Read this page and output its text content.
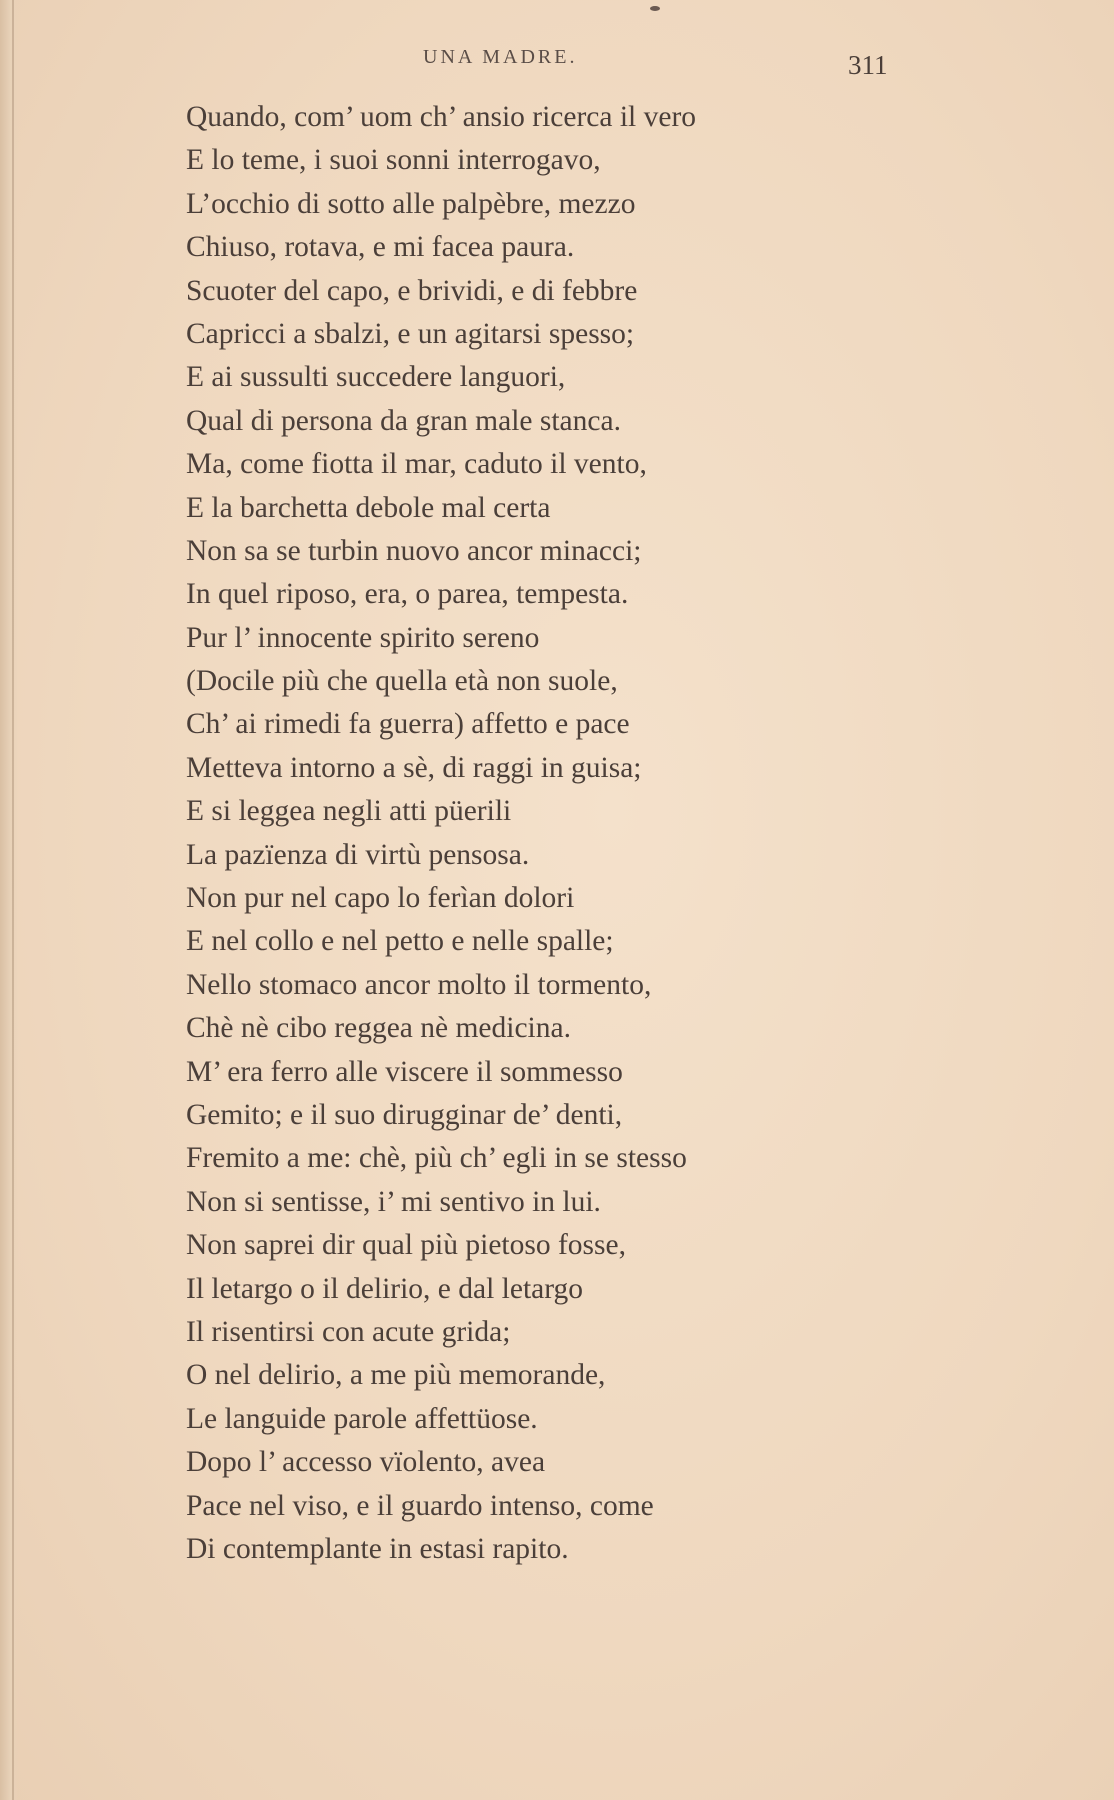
UNA MADRE.	311
Quando, com’ uom ch’ ansio ricerca il vero
E lo teme, i suoi sonni interrogavo,
L’occhio di sotto alle palpèbre, mezzo
Chiuso, rotava, e mi facea paura.
Scuoter del capo, e brividi, e di febbre
Capricci a sbalzi, e un agitarsi spesso;
E ai sussulti succedere languori,
Qual di persona da gran male stanca.
Ma, come fiotta il mar, caduto il vento,
E la barchetta debole mal certa
Non sa se turbin nuovo ancor minacci;
In quel riposo, era, o parea, tempesta.
Pur l’ innocente spirito sereno
(Docile più che quella età non suole,
Ch’ ai rimedi fa guerra) affetto e pace
Metteva intorno a sè, di raggi in guisa;
E si leggea negli atti püerili
La pazïenza di virtù pensosa.
Non pur nel capo lo ferìan dolori
E nel collo e nel petto e nelle spalle;
Nello stomaco ancor molto il tormento,
Chè nè cibo reggea nè medicina.
M’ era ferro alle viscere il sommesso
Gemito; e il suo dirugginar de’ denti,
Fremito a me: chè, più ch’ egli in se stesso
Non si sentisse, i’ mi sentivo in lui.
Non saprei dir qual più pietoso fosse,
Il letargo o il delirio, e dal letargo
Il risentirsi con acute grida;
O nel delirio, a me più memorande,
Le languide parole affettüose.
Dopo l’ accesso vïolento, avea
Pace nel viso, e il guardo intenso, come
Di contemplante in estasi rapito.
